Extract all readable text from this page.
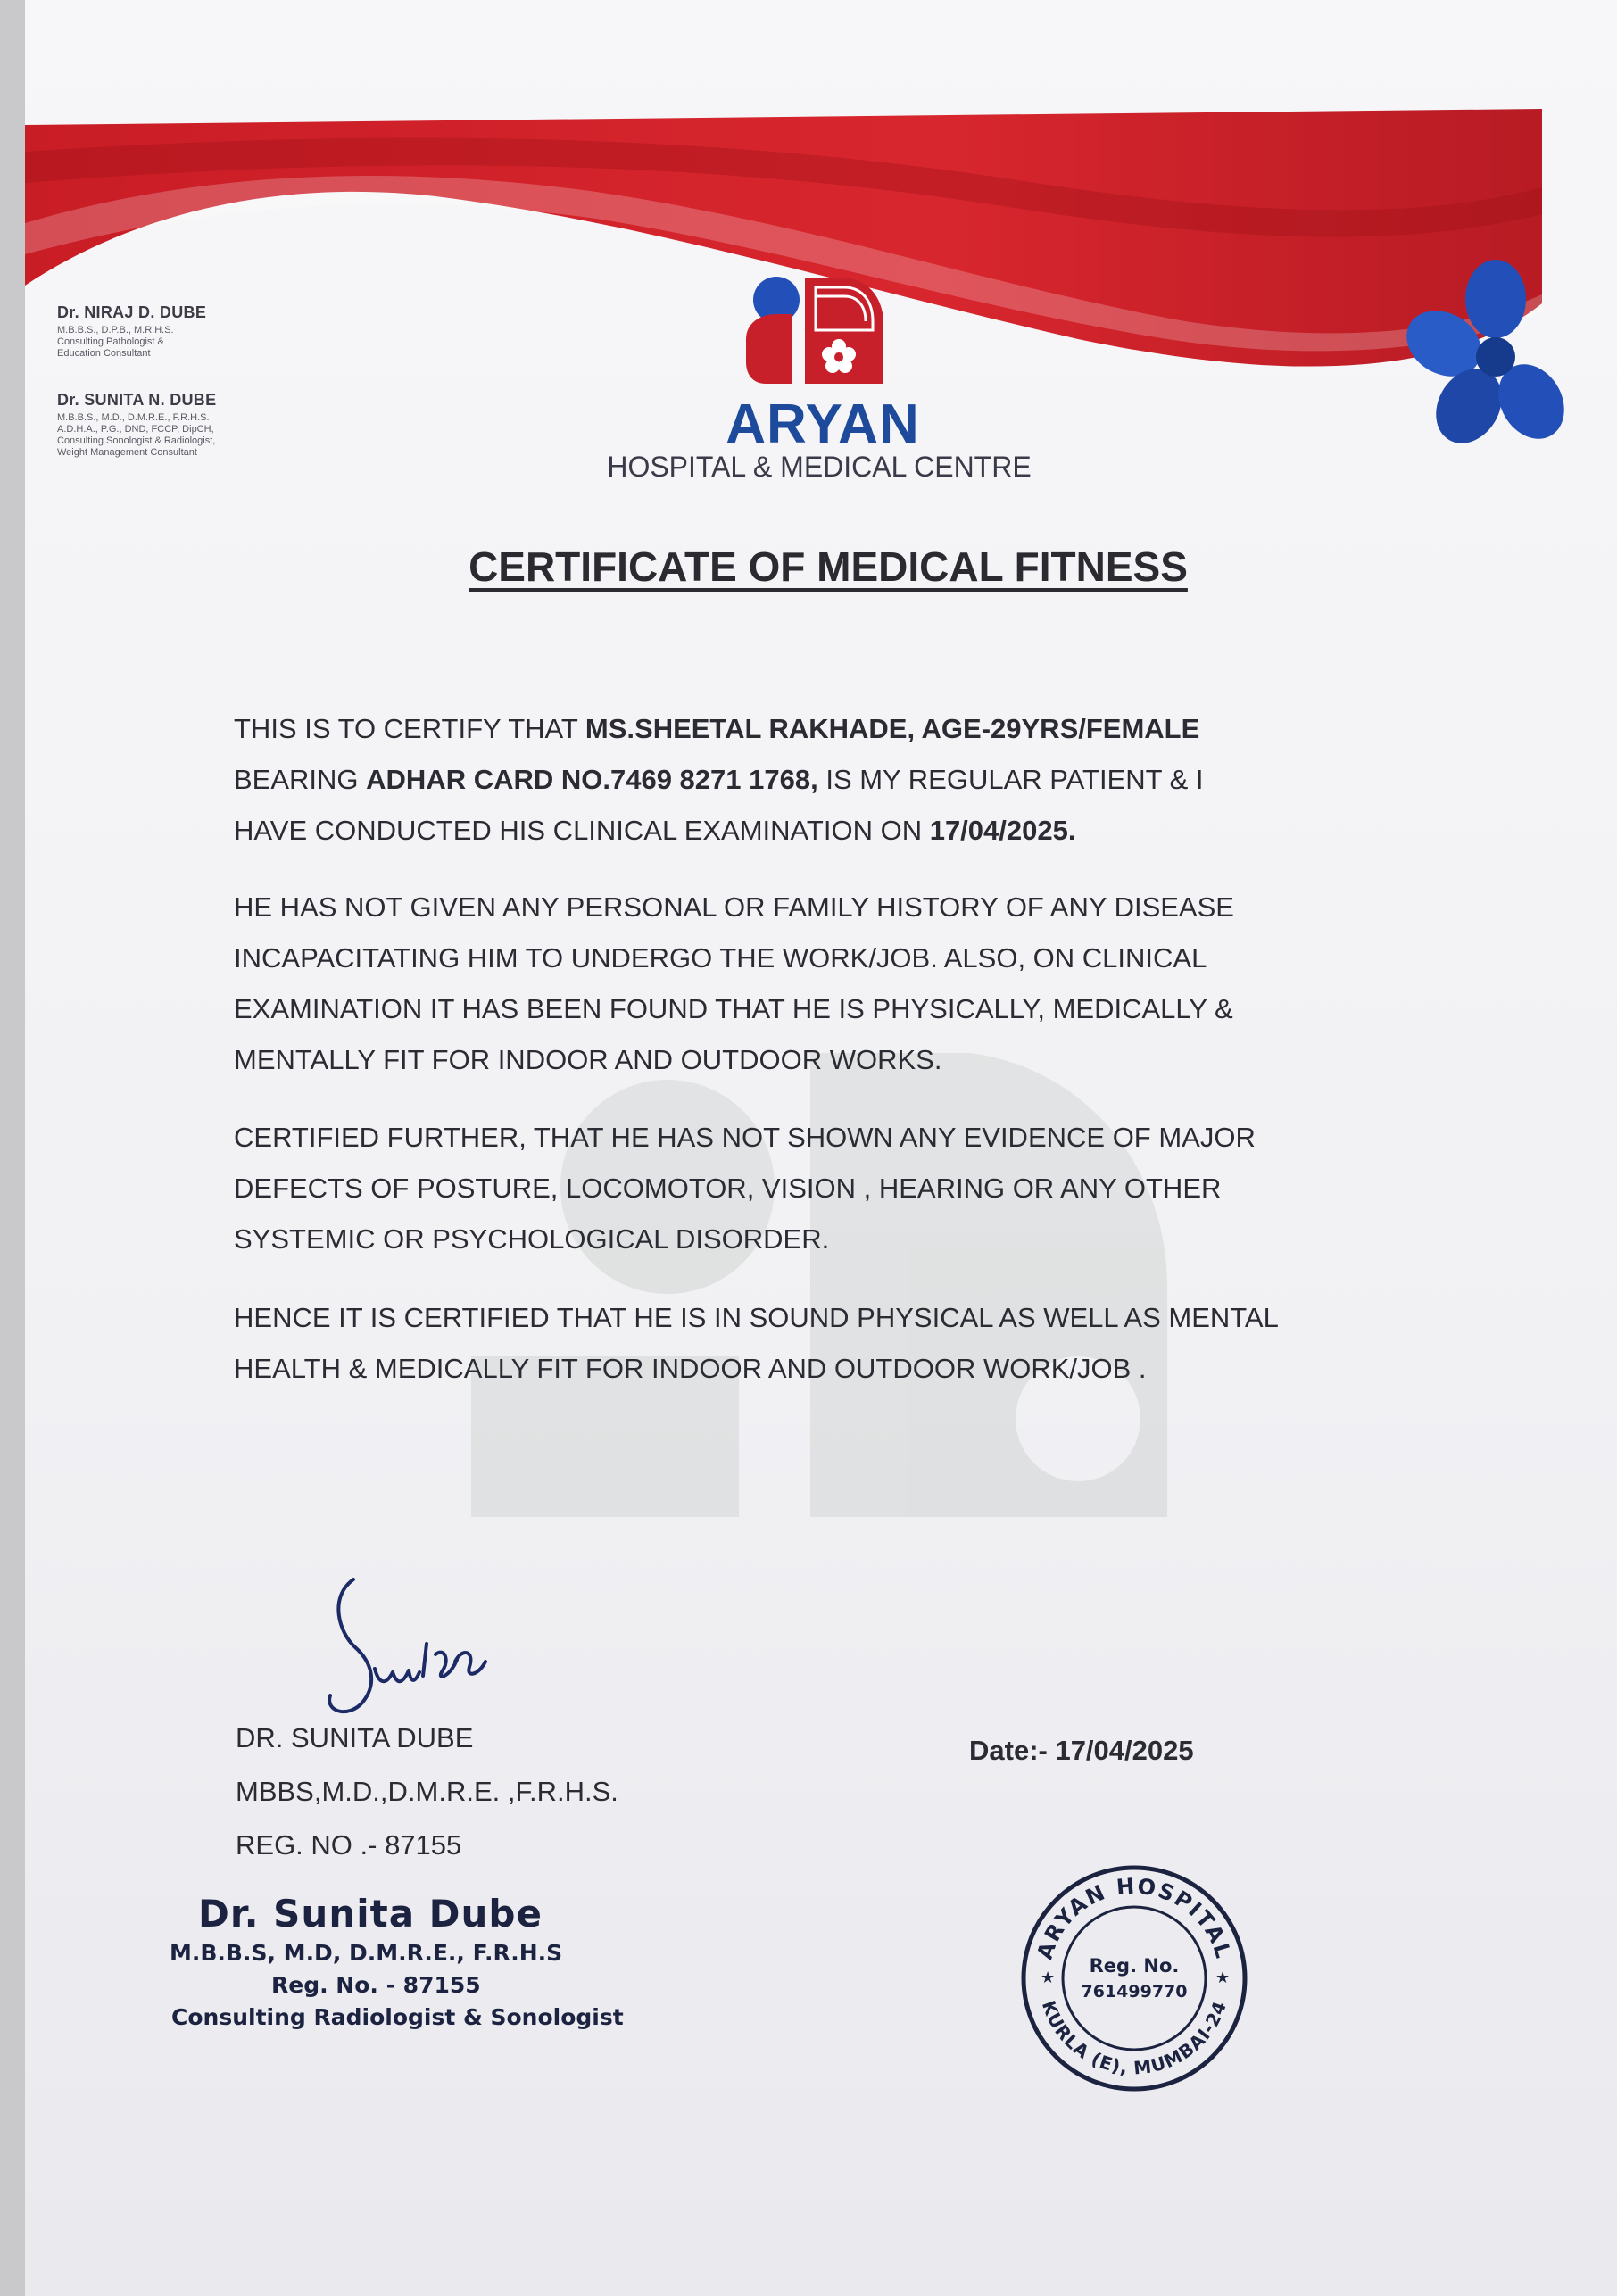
Dr. NIRAJ D. DUBE
M.B.B.S., D.P.B., M.R.H.S.
Consulting Pathologist &
Education Consultant
Dr. SUNITA N. DUBE
M.B.B.S., M.D., D.M.R.E., F.R.H.S.
A.D.H.A., P.G., DND, FCCP, DipCH,
Consulting Sonologist & Radiologist,
Weight Management Consultant	ARYAN
HOSPITAL & MEDICAL CENTRE
CERTIFICATE OF MEDICAL FITNESS
THIS IS TO CERTIFY THAT MS.SHEETAL RAKHADE, AGE-29YRS/FEMALE
BEARING ADHAR CARD NO.7469 8271 1768, IS MY REGULAR PATIENT & I
HAVE CONDUCTED HIS CLINICAL EXAMINATION ON 17/04/2025.
HE HAS NOT GIVEN ANY PERSONAL OR FAMILY HISTORY OF ANY DISEASE
INCAPACITATING HIM TO UNDERGO THE WORK/JOB. ALSO, ON CLINICAL
EXAMINATION IT HAS BEEN FOUND THAT HE IS PHYSICALLY, MEDICALLY &
MENTALLY FIT FOR INDOOR AND OUTDOOR WORKS.
CERTIFIED FURTHER, THAT HE HAS NOT SHOWN ANY EVIDENCE OF MAJOR
DEFECTS OF POSTURE, LOCOMOTOR, VISION , HEARING OR ANY OTHER
SYSTEMIC OR PSYCHOLOGICAL DISORDER.
HENCE IT IS CERTIFIED THAT HE IS IN SOUND PHYSICAL AS WELL AS MENTAL
HEALTH & MEDICALLY FIT FOR INDOOR AND OUTDOOR WORK/JOB .
DR. SUNITA DUBE
MBBS,M.D.,D.M.R.E. ,F.R.H.S.
REG. NO .- 87155
Date:- 17/04/2025
Dr. Sunita Dube
M.B.B.S, M.D, D.M.R.E., F.R.H.S
Reg. No. - 87155
Consulting Radiologist & Sonologist
ARYAN HOSPITAL
KURLA (E), MUMBAI-24
★	★
Reg. No.
761499770
